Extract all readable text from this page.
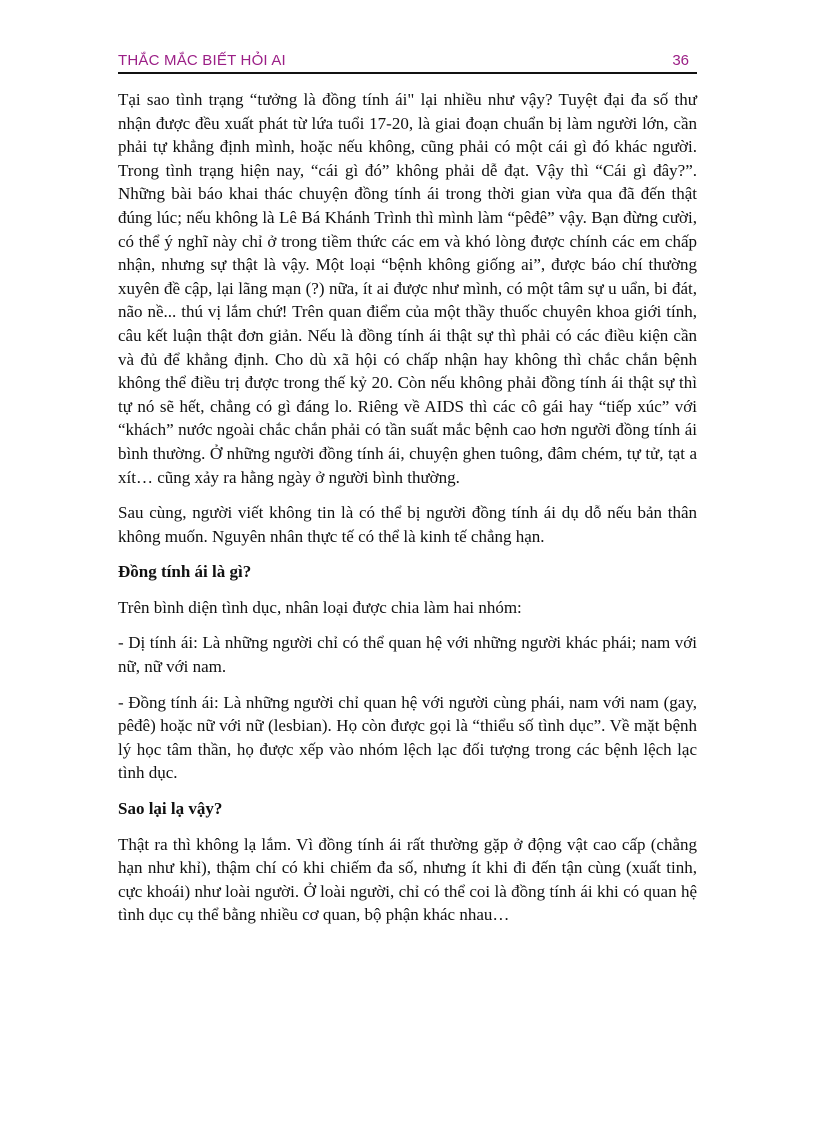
THẮC MẮC BIẾT HỎI AI	36

Tại sao tình trạng “tưởng là đồng tính ái" lại nhiều như vậy? Tuyệt đại đa số thư nhận được đều xuất phát từ lứa tuổi 17-20, là giai đoạn chuẩn bị làm người lớn, cần phải tự khẳng định mình, hoặc nếu không, cũng phải có một cái gì đó khác người. Trong tình trạng hiện nay, “cái gì đó” không phải dễ đạt. Vậy thì “Cái gì đây?”. Những bài báo khai thác chuyện đồng tính ái trong thời gian vừa qua đã đến thật đúng lúc; nếu không là Lê Bá Khánh Trình thì mình làm “pêđê” vậy. Bạn đừng cười, có thể ý nghĩ này chỉ ở trong tiềm thức các em và khó lòng được chính các em chấp nhận, nhưng sự thật là vậy. Một loại “bệnh không giống ai”, được báo chí thường xuyên đề cập, lại lãng mạn (?) nữa, ít ai được như mình, có một tâm sự u uẩn, bi đát, não nề... thú vị lắm chứ! Trên quan điểm của một thầy thuốc chuyên khoa giới tính, câu kết luận thật đơn giản. Nếu là đồng tính ái thật sự thì phải có các điều kiện cần và đủ để khẳng định. Cho dù xã hội có chấp nhận hay không thì chắc chắn bệnh không thể điều trị được trong thế kỷ 20. Còn nếu không phải đồng tính ái thật sự thì tự nó sẽ hết, chẳng có gì đáng lo. Riêng về AIDS thì các cô gái hay “tiếp xúc” với “khách” nước ngoài chắc chắn phải có tần suất mắc bệnh cao hơn người đồng tính ái bình thường. Ở những người đồng tính ái, chuyện ghen tuông, đâm chém, tự tử, tạt a xít… cũng xảy ra hằng ngày ở người bình thường.

Sau cùng, người viết không tin là có thể bị người đồng tính ái dụ dỗ nếu bản thân không muốn. Nguyên nhân thực tế có thể là kinh tế chẳng hạn.

Đồng tính ái là gì?

Trên bình diện tình dục, nhân loại được chia làm hai nhóm:

- Dị tính ái: Là những người chỉ có thể quan hệ với những người khác phái; nam với nữ, nữ với nam.

- Đồng tính ái: Là những người chỉ quan hệ với người cùng phái, nam với nam (gay, pêđê) hoặc nữ với nữ (lesbian). Họ còn được gọi là “thiểu số tình dục”. Về mặt bệnh lý học tâm thần, họ được xếp vào nhóm lệch lạc đối tượng trong các bệnh lệch lạc tình dục.

Sao lại lạ vậy?

Thật ra thì không lạ lắm. Vì đồng tính ái rất thường gặp ở động vật cao cấp (chẳng hạn như khỉ), thậm chí có khi chiếm đa số, nhưng ít khi đi đến tận cùng (xuất tinh, cực khoái) như loài người. Ở loài người, chỉ có thể coi là đồng tính ái khi có quan hệ tình dục cụ thể bằng nhiều cơ quan, bộ phận khác nhau…
